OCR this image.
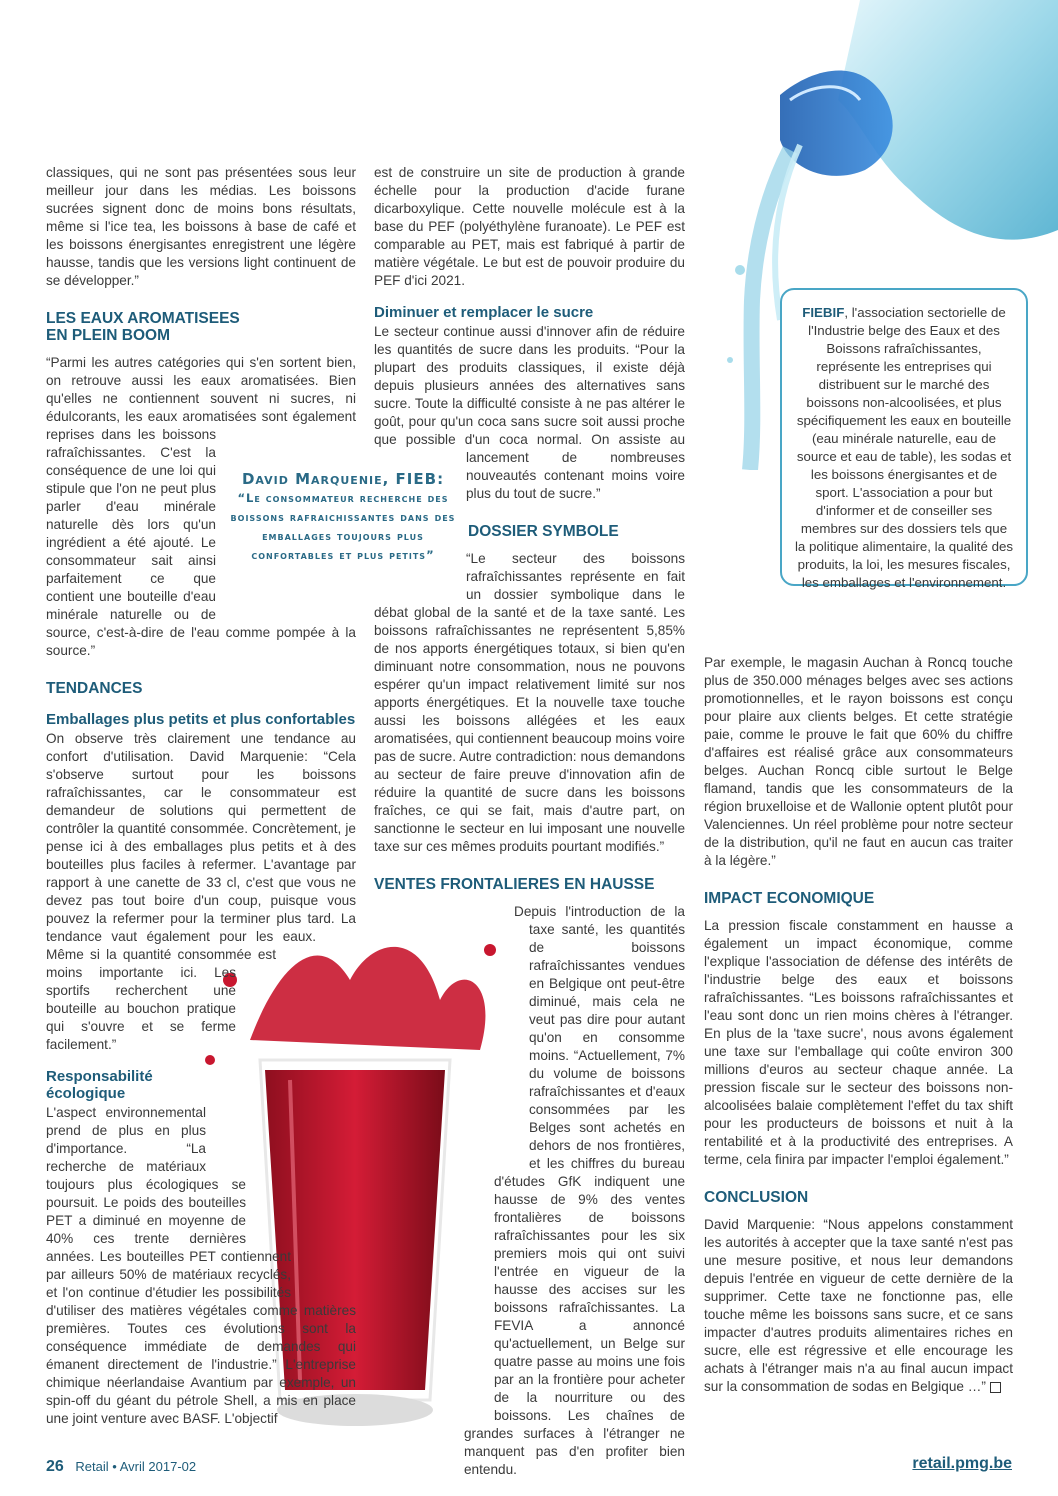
classiques, qui ne sont pas présentées sous leur meilleur jour dans les médias. Les boissons sucrées signent donc de moins bons résultats, même si l'ice tea, les boissons à base de café et les boissons énergisantes enregistrent une légère hausse, tandis que les versions light continuent de se développer.”

LES EAUX AROMATISEES
EN PLEIN BOOM

“Parmi les autres catégories qui s'en sortent bien, on retrouve aussi les eaux aromatisées. Bien qu'elles ne contiennent souvent ni sucres, ni édulcorants, les eaux aromatisées sont également reprises dans les boissons rafraîchissantes. C'est la conséquence de une loi qui stipule que l'on ne peut plus parler d'eau minérale naturelle dès lors qu'un ingrédient a été ajouté. Le consommateur sait ainsi parfaitement ce que contient une bouteille d'eau minérale naturelle ou de source, c'est-à-dire de l'eau comme pompée à la source.”

TENDANCES
Emballages plus petits et plus confortables

On observe très clairement une tendance au confort d'utilisation. David Marquenie: “Cela s'observe surtout pour les boissons rafraîchissantes, car le consommateur est demandeur de solutions qui permettent de contrôler la quantité consommée. Concrètement, je pense ici à des emballages plus petits et à des bouteilles plus faciles à refermer. L'avantage par rapport à une canette de 33 cl, c'est que vous ne devez pas tout boire d'un coup, puisque vous pouvez la refermer pour la terminer plus tard. La tendance vaut également pour les eaux. Même si la quantité consommée est moins importante ici. Les sportifs recherchent une bouteille au bouchon pratique qui s'ouvre et se ferme facilement.”

Responsabilité
écologique

L'aspect environnemental prend de plus en plus d'importance. “La recherche de matériaux toujours plus écologiques se poursuit. Le poids des bouteilles PET a diminué en moyenne de 40% ces trente dernières années. Les bouteilles PET contiennent par ailleurs 50% de matériaux recyclés, et l'on continue d'étudier les possibilités d'utiliser des matières végétales comme matières premières. Toutes ces évolutions sont la conséquence immédiate de demandes qui émanent directement de l'industrie.” L'entreprise chimique néerlandaise Avantium par exemple, un spin-off du géant du pétrole Shell, a mis en place une joint venture avec BASF. L'objectif

David Marquenie, FIEB:
“Le consommateur recherche des boissons rafraichissantes dans des emballages toujours plus confortables et plus petits”

est de construire un site de production à grande échelle pour la production d'acide furane dicarboxylique. Cette nouvelle molécule est à la base du PEF (polyéthylène furanoate). Le PEF est comparable au PET, mais est fabriqué à partir de matière végétale. Le but est de pouvoir produire du PEF d'ici 2021.

Diminuer et remplacer le sucre

Le secteur continue aussi d'innover afin de réduire les quantités de sucre dans les produits. “Pour la plupart des produits classiques, il existe déjà depuis plusieurs années des alternatives sans sucre. Toute la difficulté consiste à ne pas altérer le goût, pour qu'un coca sans sucre soit aussi proche que possible d'un coca normal. On assiste au lancement de nombreuses nouveautés contenant moins voire plus du tout de sucre.”

DOSSIER SYMBOLE

“Le secteur des boissons rafraîchissantes représente en fait un dossier symbolique dans le débat global de la santé et de la taxe santé. Les boissons rafraîchissantes ne représentent 5,85% de nos apports énergétiques totaux, si bien qu'en diminuant notre consommation, nous ne pouvons espérer qu'un impact relativement limité sur nos apports énergétiques. Et la nouvelle taxe touche aussi les boissons allégées et les eaux aromatisées, qui contiennent beaucoup moins voire pas de sucre. Autre contradiction: nous demandons au secteur de faire preuve d'innovation afin de réduire la quantité de sucre dans les boissons fraîches, ce qui se fait, mais d'autre part, on sanctionne le secteur en lui imposant une nouvelle taxe sur ces mêmes produits pourtant modifiés.”

VENTES FRONTALIERES EN HAUSSE

Depuis l'introduction de la taxe santé, les quantités de boissons rafraîchissantes vendues en Belgique ont peut-être diminué, mais cela ne veut pas dire pour autant qu'on en consomme moins. “Actuellement, 7% du volume de boissons rafraîchissantes et d'eaux consommées par les Belges sont achetés en dehors de nos frontières, et les chiffres du bureau d'études GfK indiquent une hausse de 9% des ventes frontalières de boissons rafraîchissantes pour les six premiers mois qui ont suivi l'entrée en vigueur de la hausse des accises sur les boissons rafraîchissantes. La FEVIA a annoncé qu'actuellement, un Belge sur quatre passe au moins une fois par an la frontière pour acheter de la nourriture ou des boissons. Les chaînes de grandes surfaces à l'étranger ne manquent pas d'en profiter bien entendu.

FIEBIF, l'association sectorielle de l'Industrie belge des Eaux et des Boissons rafraîchissantes, représente les entreprises qui distribuent sur le marché des boissons non-alcoolisées, et plus spécifiquement les eaux en bouteille (eau minérale naturelle, eau de source et eau de table), les sodas et les boissons énergisantes et de sport. L'association a pour but d'informer et de conseiller ses membres sur des dossiers tels que la politique alimentaire, la qualité des produits, la loi, les mesures fiscales, les emballages et l'environnement.

Par exemple, le magasin Auchan à Roncq touche plus de 350.000 ménages belges avec ses actions promotionnelles, et le rayon boissons est conçu pour plaire aux clients belges. Et cette stratégie paie, comme le prouve le fait que 60% du chiffre d'affaires est réalisé grâce aux consommateurs belges. Auchan Roncq cible surtout le Belge flamand, tandis que les consommateurs de la région bruxelloise et de Wallonie optent plutôt pour Valenciennes. Un réel problème pour notre secteur de la distribution, qu'il ne faut en aucun cas traiter à la légère.”

IMPACT ECONOMIQUE

La pression fiscale constamment en hausse a également un impact économique, comme l'explique l'association de défense des intérêts de l'industrie belge des eaux et boissons rafraîchissantes. “Les boissons rafraîchissantes et l'eau sont donc un rien moins chères à l'étranger. En plus de la 'taxe sucre', nous avons également une taxe sur l'emballage qui coûte environ 300 millions d'euros au secteur chaque année. La pression fiscale sur le secteur des boissons non-alcoolisées balaie complètement l'effet du tax shift pour les producteurs de boissons et nuit à la rentabilité et à la productivité des entreprises. A terme, cela finira par impacter l'emploi également.”

CONCLUSION

David Marquenie: “Nous appelons constamment les autorités à accepter que la taxe santé n'est pas une mesure positive, et nous leur demandons depuis l'entrée en vigueur de cette dernière de la supprimer. Cette taxe ne fonctionne pas, elle touche même les boissons sans sucre, et ce sans impacter d'autres produits alimentaires riches en sucre, elle est régressive et elle encourage les achats à l'étranger mais n'a au final aucun impact sur la consommation de sodas en Belgique …”

26 Retail • Avril 2017-02	retail.pmg.be
